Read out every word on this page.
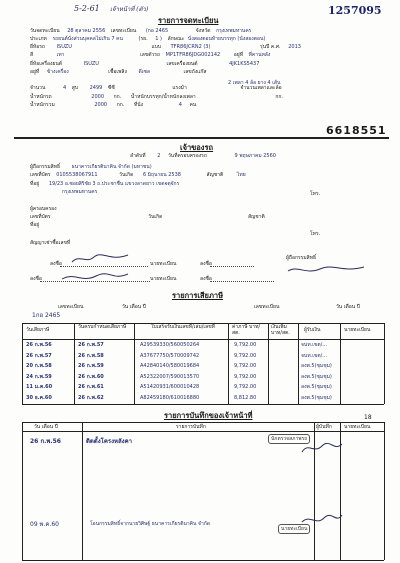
5-2-61 เจ้าหน้าที่ (ตัว)	1257095
รายการจดทะเบียน
วันจดทะเบียน 28 ตุลาคม 2556 เลขทะเบียน (กอ 2465	จังหวัด กรุงเทพมหานคร
ประเภท รถยนต์นั่งส่วนบุคคลไม่เกิน 7 คน	(รย. 1 ) ลักษณะ นั่งสองตอนท้ายบรรทุก (นั่งสองตอน)
ยี่ห้อรถ ISUZU	แบบ TFR86JCRN2 (3)	รุ่นปี ค.ศ. 2013
สี	เทา	เลขตัวรถ MP1TFR86JDG002142	อยู่ที่ ที่คานหลัง
ยี่ห้อเครื่องยนต์	ISUZU	เลขเครื่องยนต์	4JK1KS5437
อยู่ที่ ข้างเครื่อง	เชื้อเพลิง ดีเซล	เลขถังแก๊ส
จำนวน	4 สูบ 2499 ซีซี	แรงม้า	จำนวนเพลาและล้อ
2 เพลา 4 ล้อ ยาง 4 เส้น
น้ำหนักรถ	2000 กก. น้ำหนักบรรทุก/น้ำหนักลงเพลา	กก.
น้ำหนักรวม	2000 กก. ที่นั่ง	4 คน
6618551
เจ้าของรถ
ลำดับที่ 2 วันที่ครอบครองรถ	9 พฤษภาคม 2560
ผู้ถือกรรมสิทธิ์ ธนาคารเกียรตินาคิน จำกัด (มหาชน)
เลขที่บัตร 0105538067911	วันเกิด 6 มิถุนายน 2538	สัญชาติ	ไทย
ที่อยู่ 19/23 อ.ซอยสิริชัย 3 ถ.ประชาชื่น แขวงลาดยาว เขตจตุจักร
กรุงเทพมหานคร	โทร.
ผู้ครอบครอง
เลขที่บัตร	วันเกิด	สัญชาติ
ที่อยู่
โทร.
สัญญาเช่าซื้อเลขที่
ลงชื่อ	นายทะเบียน	ลงชื่อ
ผู้ถือกรรมสิทธิ์
ลงชื่อ	นายทะเบียน	ลงชื่อ
รายการเสียภาษี
เลขทะเบียน	วัน เดือน ปี	เลขทะเบียน	วัน เดือน ปี
1กอ 2465
วันเสียภาษี	วันครบกำหนดเสียภาษี	ใบเสร็จรับเงินเลขที่/เล่ม/เลขที่	ค่าภาษี บาท/สต.
เงินเพิ่ม บาท/สต.	ผู้รับเงิน	นายทะเบียน
26 ก.พ.56	26 ก.พ.57	A29539330/560050264	9,792.00	จนท.เขต/...
26 ก.พ.57	26 ก.พ.58	A37677750/570009742	9,792.00	จนท.เขต/...
20 ก.พ.58	26 ก.พ.59	A42840140/580019684	9,792.00	ลงพ.5(ชุมชุม)
24 ก.พ.59	26 ก.พ.60	A52322007/590013570	9,792.00	ลงพ.5(ชุมชุม)
11 ม.ค.60	26 ก.พ.61	A51420931/600010428	9,792.00	ลงพ.5(ชุมชุม)
30 ธ.ค.60	26 ก.พ.62	A82459180/610016880	8,812.80	ลงพ.5(ชุมชุม)
รายการบันทึกของเจ้าหน้าที่	18
วัน เดือน ปี	รายการบันทึก	ผู้บันทึก นายทะเบียน
26 ก.พ.56	ติดตั้งโครงหลังคา	นักตรวจสภาพรถ
09 พ.ค.60	โอนกรรมสิทธิ์จากนายวิศิษฐ์ ธนาคารเกียรตินาคิน จำกัด
นายทะเบียน
